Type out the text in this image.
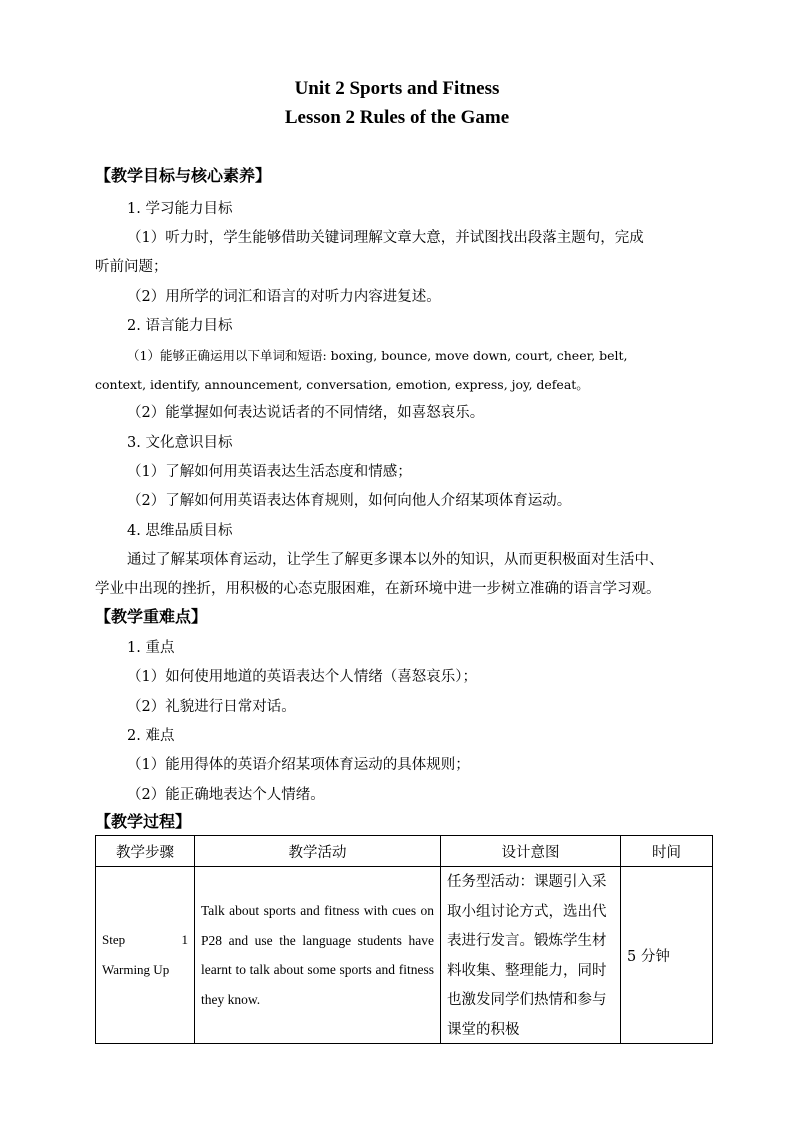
Unit 2 Sports and Fitness
Lesson 2 Rules of the Game
【教学目标与核心素养】
1. 学习能力目标
（1）听力时，学生能够借助关键词理解文章大意，并试图找出段落主题句，完成
听前问题；
（2）用所学的词汇和语言的对听力内容进复述。
2. 语言能力目标
（1）能够正确运用以下单词和短语: boxing, bounce, move down, court, cheer, belt,
context, identify, announcement, conversation, emotion, express, joy, defeat。
（2）能掌握如何表达说话者的不同情绪，如喜怒哀乐。
3. 文化意识目标
（1）了解如何用英语表达生活态度和情感；
（2）了解如何用英语表达体育规则，如何向他人介绍某项体育运动。
4. 思维品质目标
通过了解某项体育运动，让学生了解更多课本以外的知识，从而更积极面对生活中、
学业中出现的挫折，用积极的心态克服困难，在新环境中进一步树立准确的语言学习观。
【教学重难点】
1. 重点
（1）如何使用地道的英语表达个人情绪（喜怒哀乐）；
（2）礼貌进行日常对话。
2. 难点
（1）能用得体的英语介绍某项体育运动的具体规则；
（2）能正确地表达个人情绪。
【教学过程】
教学步骤	教学活动	设计意图	时间

Step 1
Warming Up	Talk about sports and fitness with cues on P28 and use the language students have learnt to talk about some sports and fitness they know.	任务型活动：课题引入采取小组讨论方式，选出代表进行发言。锻炼学生材料收集、整理能力，同时也激发同学们热情和参与课堂的积极	5 分钟
